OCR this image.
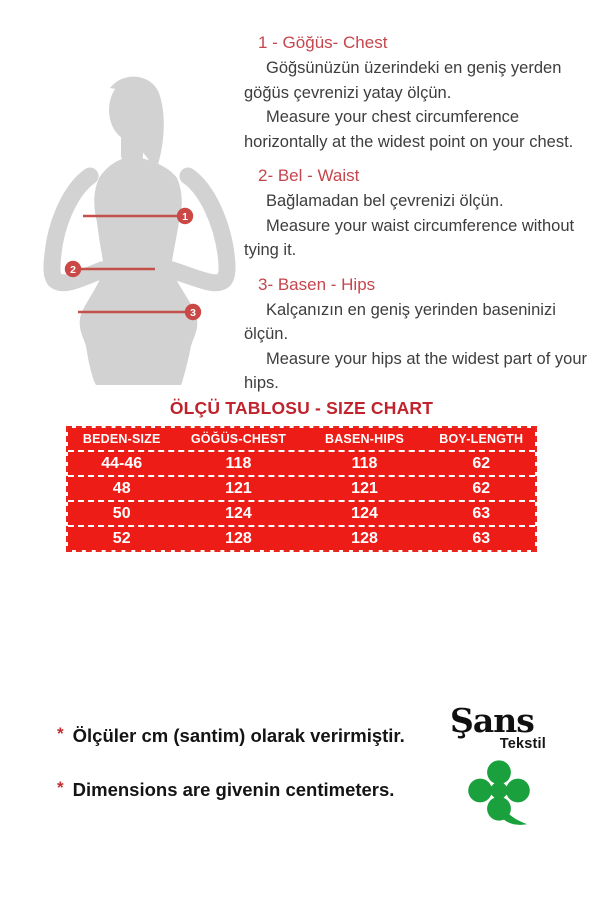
1
2
3
1 - Göğüs- Chest

Göğsünüzün üzerindeki en geniş yerden göğüs çevrenizi yatay ölçün.

Measure your chest circumference horizontally at the widest point on your chest.

2- Bel - Waist

Bağlamadan bel çevrenizi ölçün.

Measure your waist circumference without tying it.

3- Basen - Hips

Kalçanızın en geniş yerinden baseninizi ölçün.

Measure your hips at the widest part of your hips.

ÖLÇÜ TABLOSU - SIZE CHART
BEDEN-SIZE	GÖĞÜS-CHEST	BASEN-HIPS	BOY-LENGTH
44-46	118	118	62
48	121	121	62
50	124	124	63
52	128	128	63
* Ölçüler cm (santim) olarak verirmiştir.
* Dimensions are givenin centimeters.
Şans
Tekstil
